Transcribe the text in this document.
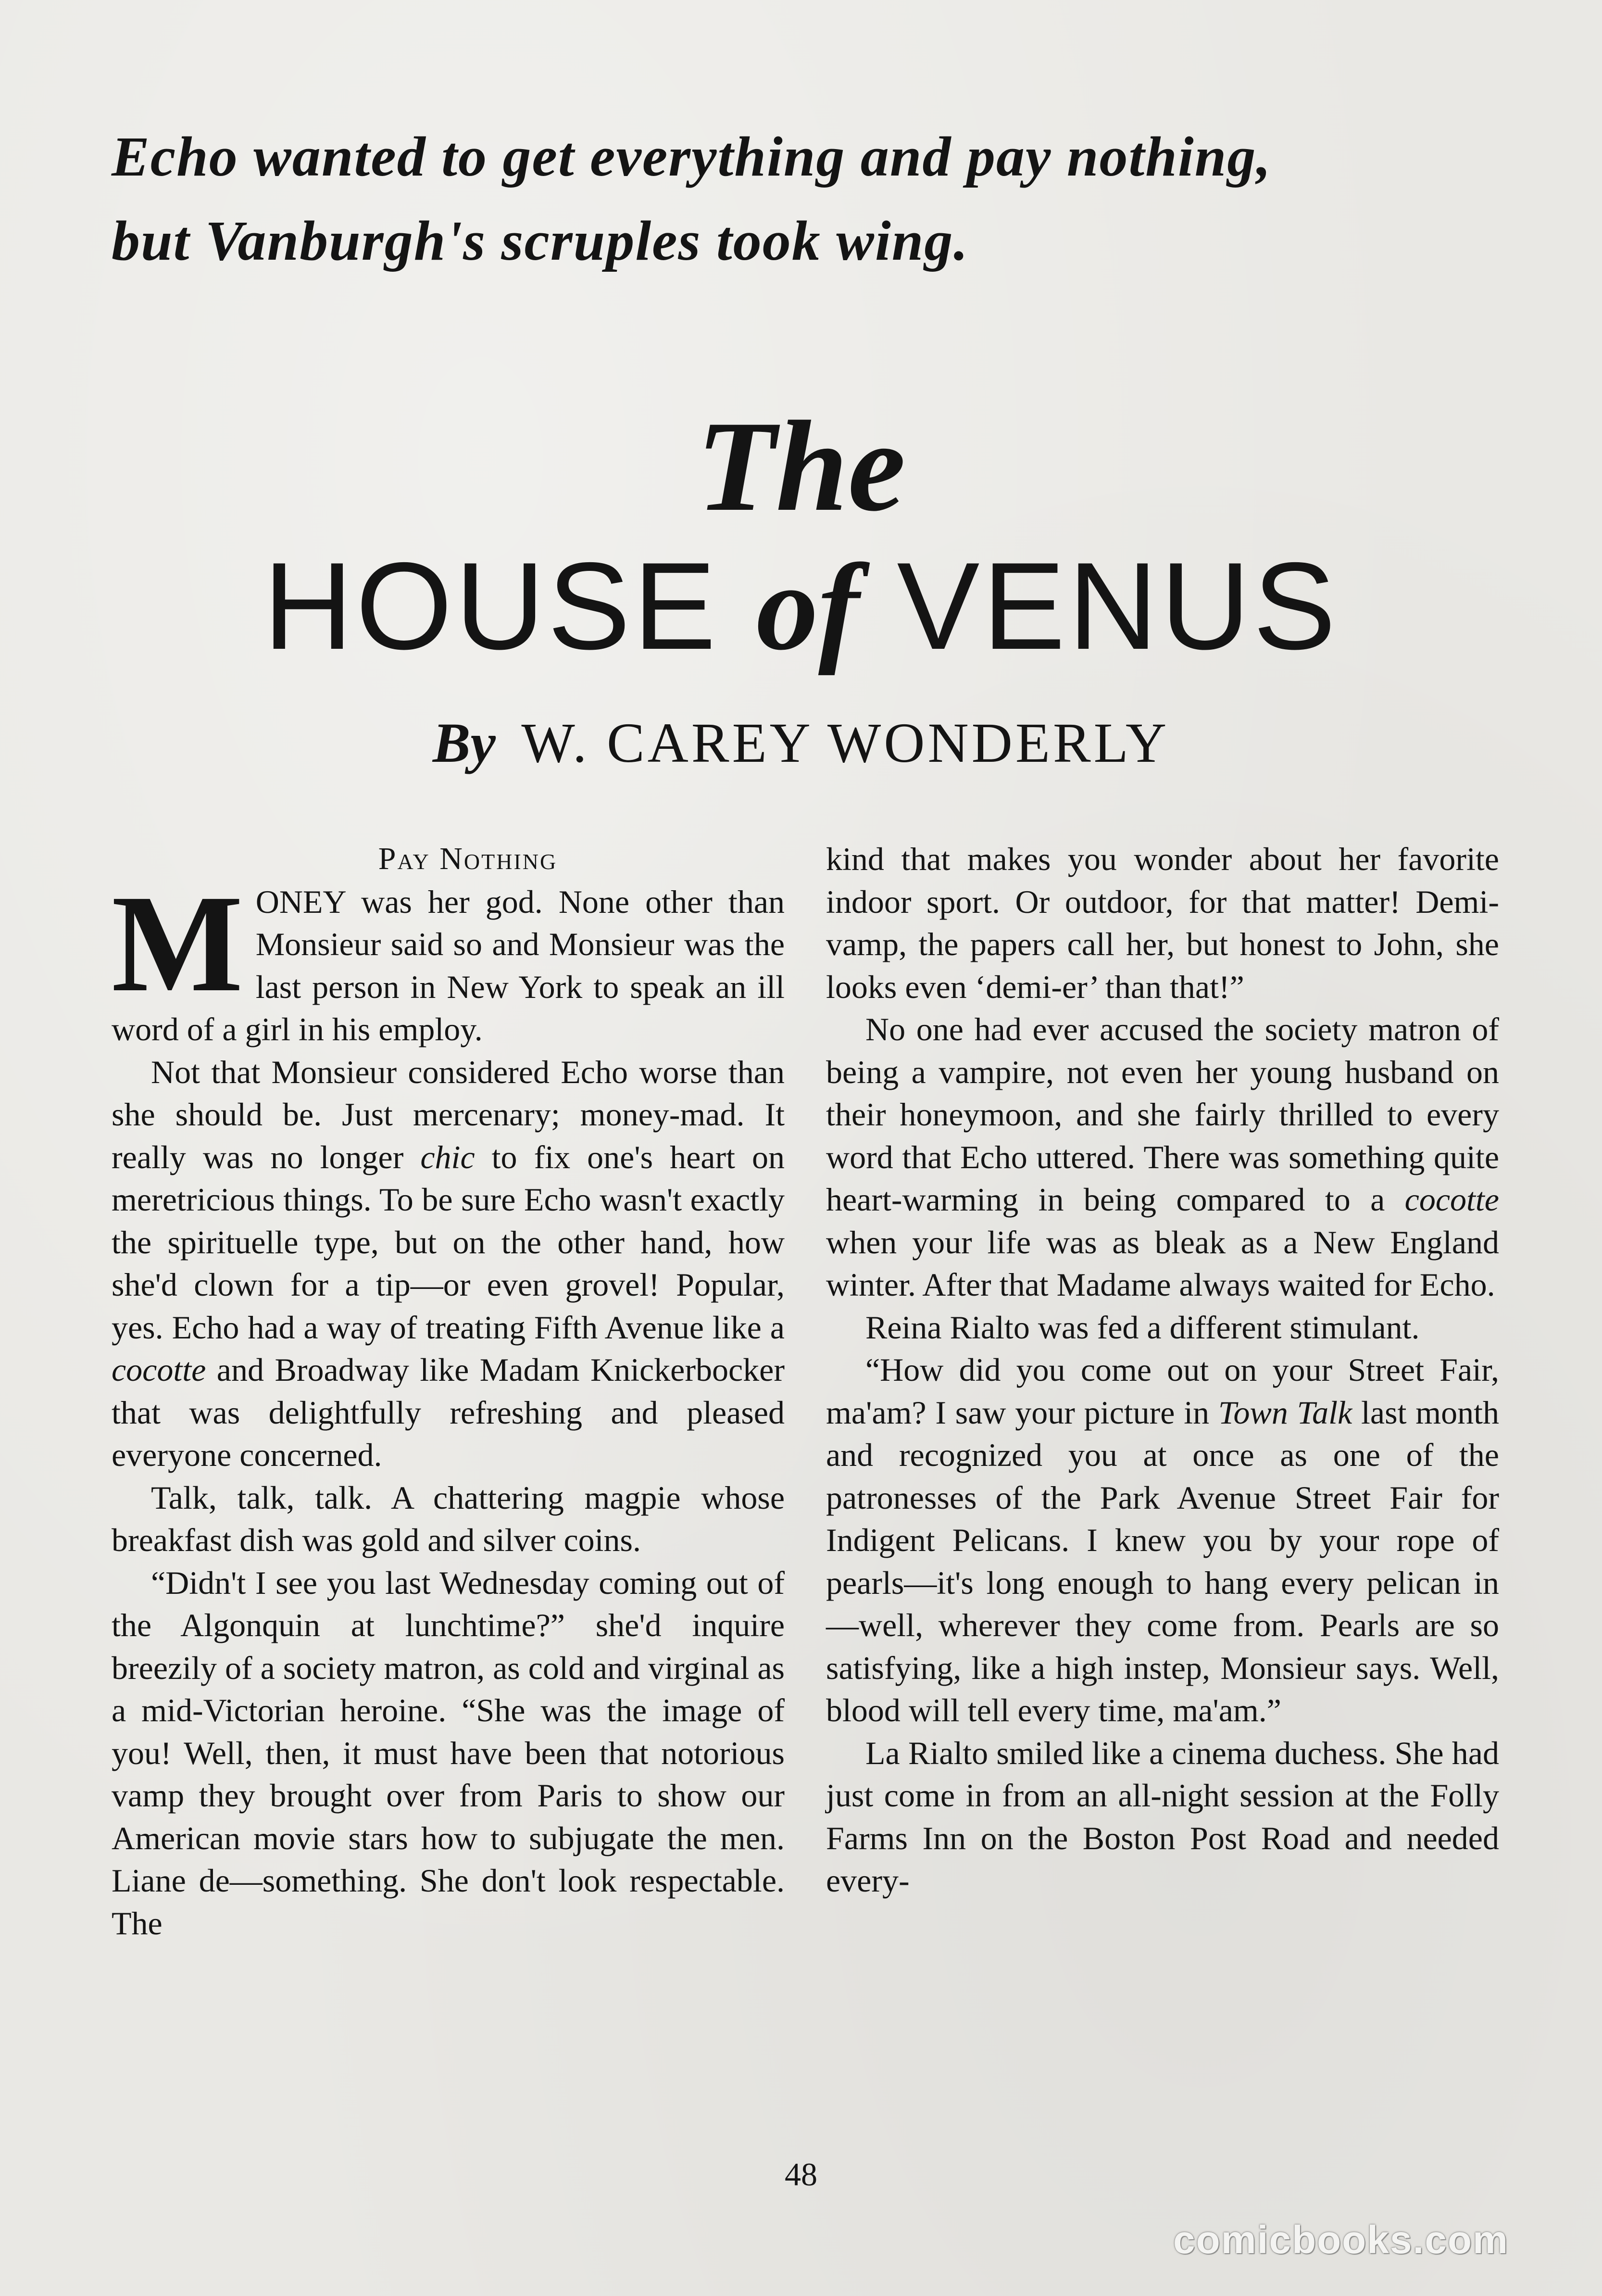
Echo wanted to get everything and pay nothing,
but Vanburgh's scruples took wing.
The
HOUSE of VENUS
By W. CAREY WONDERLY

Pay Nothing

MONEY was her god. None other than Monsieur said so and Monsieur was the last person in New York to speak an ill word of a girl in his employ.

Not that Monsieur considered Echo worse than she should be. Just mercenary; money-mad. It really was no longer chic to fix one's heart on meretricious things. To be sure Echo wasn't exactly the spirituelle type, but on the other hand, how she'd clown for a tip—or even grovel! Popular, yes. Echo had a way of treating Fifth Avenue like a cocotte and Broadway like Madam Knickerbocker that was delightfully refreshing and pleased everyone concerned.

Talk, talk, talk. A chattering magpie whose breakfast dish was gold and silver coins.

“Didn't I see you last Wednesday coming out of the Algonquin at lunchtime?” she'd inquire breezily of a society matron, as cold and virginal as a mid-Victorian heroine. “She was the image of you! Well, then, it must have been that notorious vamp they brought over from Paris to show our American movie stars how to subjugate the men. Liane de—something. She don't look respectable. The

kind that makes you wonder about her favorite indoor sport. Or outdoor, for that matter! Demi-vamp, the papers call her, but honest to John, she looks even ‘demi-er’ than that!”

No one had ever accused the society matron of being a vampire, not even her young husband on their honeymoon, and she fairly thrilled to every word that Echo uttered. There was something quite heart-warming in being compared to a cocotte when your life was as bleak as a New England winter. After that Madame always waited for Echo.

Reina Rialto was fed a different stimulant.

“How did you come out on your Street Fair, ma'am? I saw your picture in Town Talk last month and recognized you at once as one of the patronesses of the Park Avenue Street Fair for Indigent Pelicans. I knew you by your rope of pearls—it's long enough to hang every pelican in—well, wherever they come from. Pearls are so satisfying, like a high instep, Monsieur says. Well, blood will tell every time, ma'am.”

La Rialto smiled like a cinema duchess. She had just come in from an all-night session at the Folly Farms Inn on the Boston Post Road and needed every-

48
comicbooks.com
